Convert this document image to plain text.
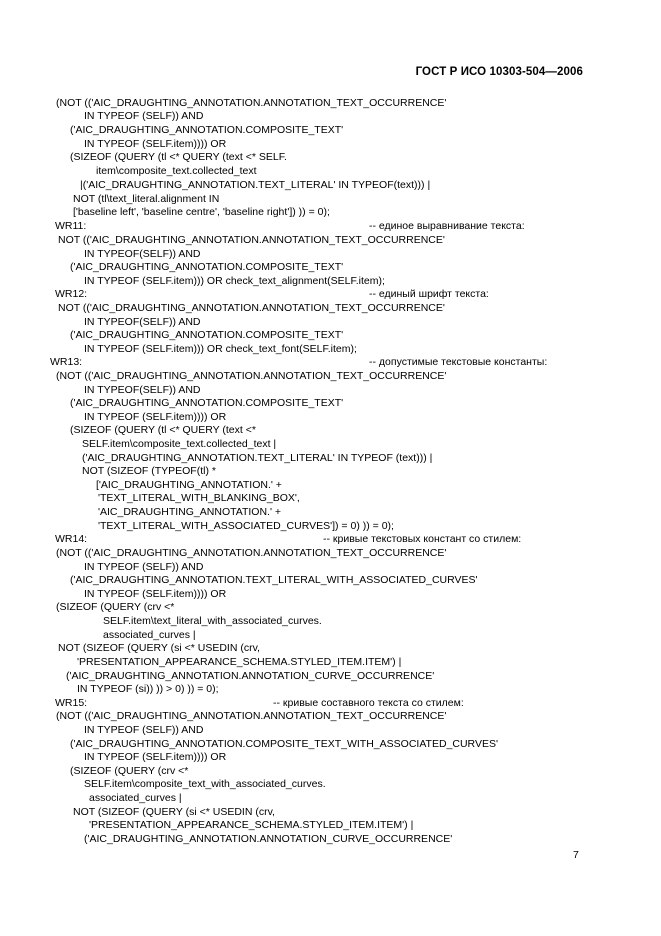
ГОСТ Р ИСО 10303-504—2006
(NOT (('AIC_DRAUGHTING_ANNOTATION.ANNOTATION_TEXT_OCCURRENCE'
IN TYPEOF (SELF)) AND
('AIC_DRAUGHTING_ANNOTATION.COMPOSITE_TEXT'
IN TYPEOF (SELF.item)))) OR
(SIZEOF (QUERY (tl <* QUERY (text <* SELF.
item\composite_text.collected_text
|('AIC_DRAUGHTING_ANNOTATION.TEXT_LITERAL' IN TYPEOF(text))) |
NOT (tl\text_literal.alignment IN
['baseline left', 'baseline centre', 'baseline right']) )) = 0);
WR11:	-- единое выравнивание текста:
NOT (('AIC_DRAUGHTING_ANNOTATION.ANNOTATION_TEXT_OCCURRENCE'
IN TYPEOF(SELF)) AND
('AIC_DRAUGHTING_ANNOTATION.COMPOSITE_TEXT'
IN TYPEOF (SELF.item))) OR check_text_alignment(SELF.item);
WR12:	-- единый шрифт текста:
NOT (('AIC_DRAUGHTING_ANNOTATION.ANNOTATION_TEXT_OCCURRENCE'
IN TYPEOF(SELF)) AND
('AIC_DRAUGHTING_ANNOTATION.COMPOSITE_TEXT'
IN TYPEOF (SELF.item))) OR check_text_font(SELF.item);
WR13:	-- допустимые текстовые константы:
(NOT (('AIC_DRAUGHTING_ANNOTATION.ANNOTATION_TEXT_OCCURRENCE'
IN TYPEOF(SELF)) AND
('AIC_DRAUGHTING_ANNOTATION.COMPOSITE_TEXT'
IN TYPEOF (SELF.item)))) OR
(SIZEOF (QUERY (tl <* QUERY (text <*
SELF.item\composite_text.collected_text |
('AIC_DRAUGHTING_ANNOTATION.TEXT_LITERAL' IN TYPEOF (text))) |
NOT (SIZEOF (TYPEOF(tl) *
['AIC_DRAUGHTING_ANNOTATION.' +
'TEXT_LITERAL_WITH_BLANKING_BOX',
'AIC_DRAUGHTING_ANNOTATION.' +
'TEXT_LITERAL_WITH_ASSOCIATED_CURVES']) = 0) )) = 0);
WR14:	-- кривые текстовых констант со стилем:
(NOT (('AIC_DRAUGHTING_ANNOTATION.ANNOTATION_TEXT_OCCURRENCE'
IN TYPEOF (SELF)) AND
('AIC_DRAUGHTING_ANNOTATION.TEXT_LITERAL_WITH_ASSOCIATED_CURVES'
IN TYPEOF (SELF.item)))) OR
(SIZEOF (QUERY (crv <*
SELF.item\text_literal_with_associated_curves.
associated_curves |
NOT (SIZEOF (QUERY (si <* USEDIN (crv,
'PRESENTATION_APPEARANCE_SCHEMA.STYLED_ITEM.ITEM') |
('AIC_DRAUGHTING_ANNOTATION.ANNOTATION_CURVE_OCCURRENCE'
IN TYPEOF (si)) )) > 0) )) = 0);
WR15:	-- кривые составного текста со стилем:
(NOT (('AIC_DRAUGHTING_ANNOTATION.ANNOTATION_TEXT_OCCURRENCE'
IN TYPEOF (SELF)) AND
('AIC_DRAUGHTING_ANNOTATION.COMPOSITE_TEXT_WITH_ASSOCIATED_CURVES'
IN TYPEOF (SELF.item)))) OR
(SIZEOF (QUERY (crv <*
SELF.item\composite_text_with_associated_curves.
associated_curves |
NOT (SIZEOF (QUERY (si <* USEDIN (crv,
'PRESENTATION_APPEARANCE_SCHEMA.STYLED_ITEM.ITEM') |
('AIC_DRAUGHTING_ANNOTATION.ANNOTATION_CURVE_OCCURRENCE'
7
